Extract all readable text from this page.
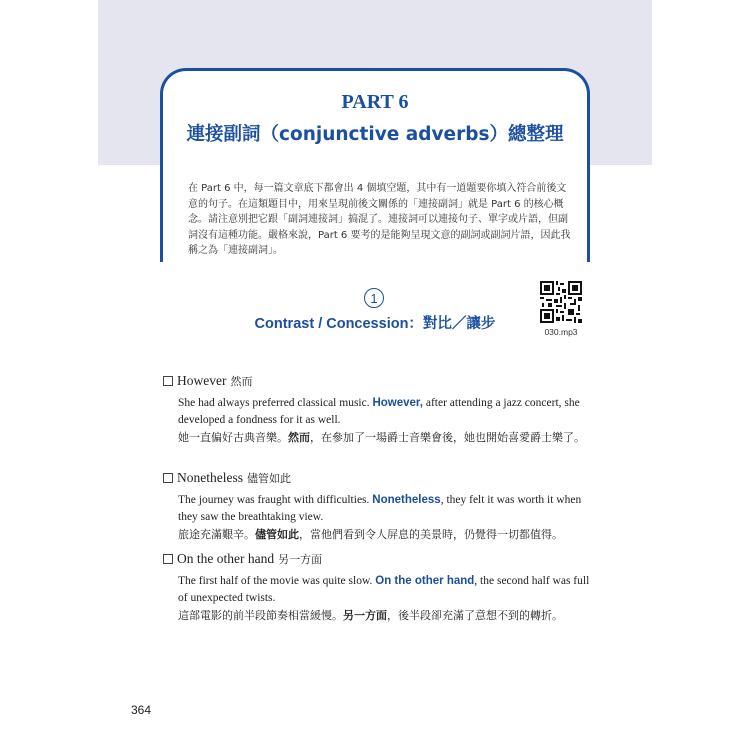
PART 6
連接副詞（conjunctive adverbs）總整理
在 Part 6 中，每一篇文章底下都會出 4 個填空題，其中有一道題要你填入符合前後文意的句子。在這類題目中，用來呈現前後文關係的「連接副詞」就是 Part 6 的核心概念。請注意別把它跟「副詞連接詞」搞混了。連接詞可以連接句子、單字或片語，但副詞沒有這種功能。嚴格來說，Part 6 要考的是能夠呈現文意的副詞或副詞片語，因此我稱之為「連接副詞」。
1
Contrast / Concession：對比／讓步	030.mp3
However 然而
She had always preferred classical music. However, after attending a jazz concert, she developed a fondness for it as well.
她一直偏好古典音樂。然而，在參加了一場爵士音樂會後，她也開始喜愛爵士樂了。
Nonetheless 儘管如此
The journey was fraught with difficulties. Nonetheless, they felt it was worth it when they saw the breathtaking view.
旅途充滿艱辛。儘管如此，當他們看到令人屏息的美景時，仍覺得一切都值得。
On the other hand 另一方面
The first half of the movie was quite slow. On the other hand, the second half was full of unexpected twists.
這部電影的前半段節奏相當緩慢。另一方面，後半段卻充滿了意想不到的轉折。
364
